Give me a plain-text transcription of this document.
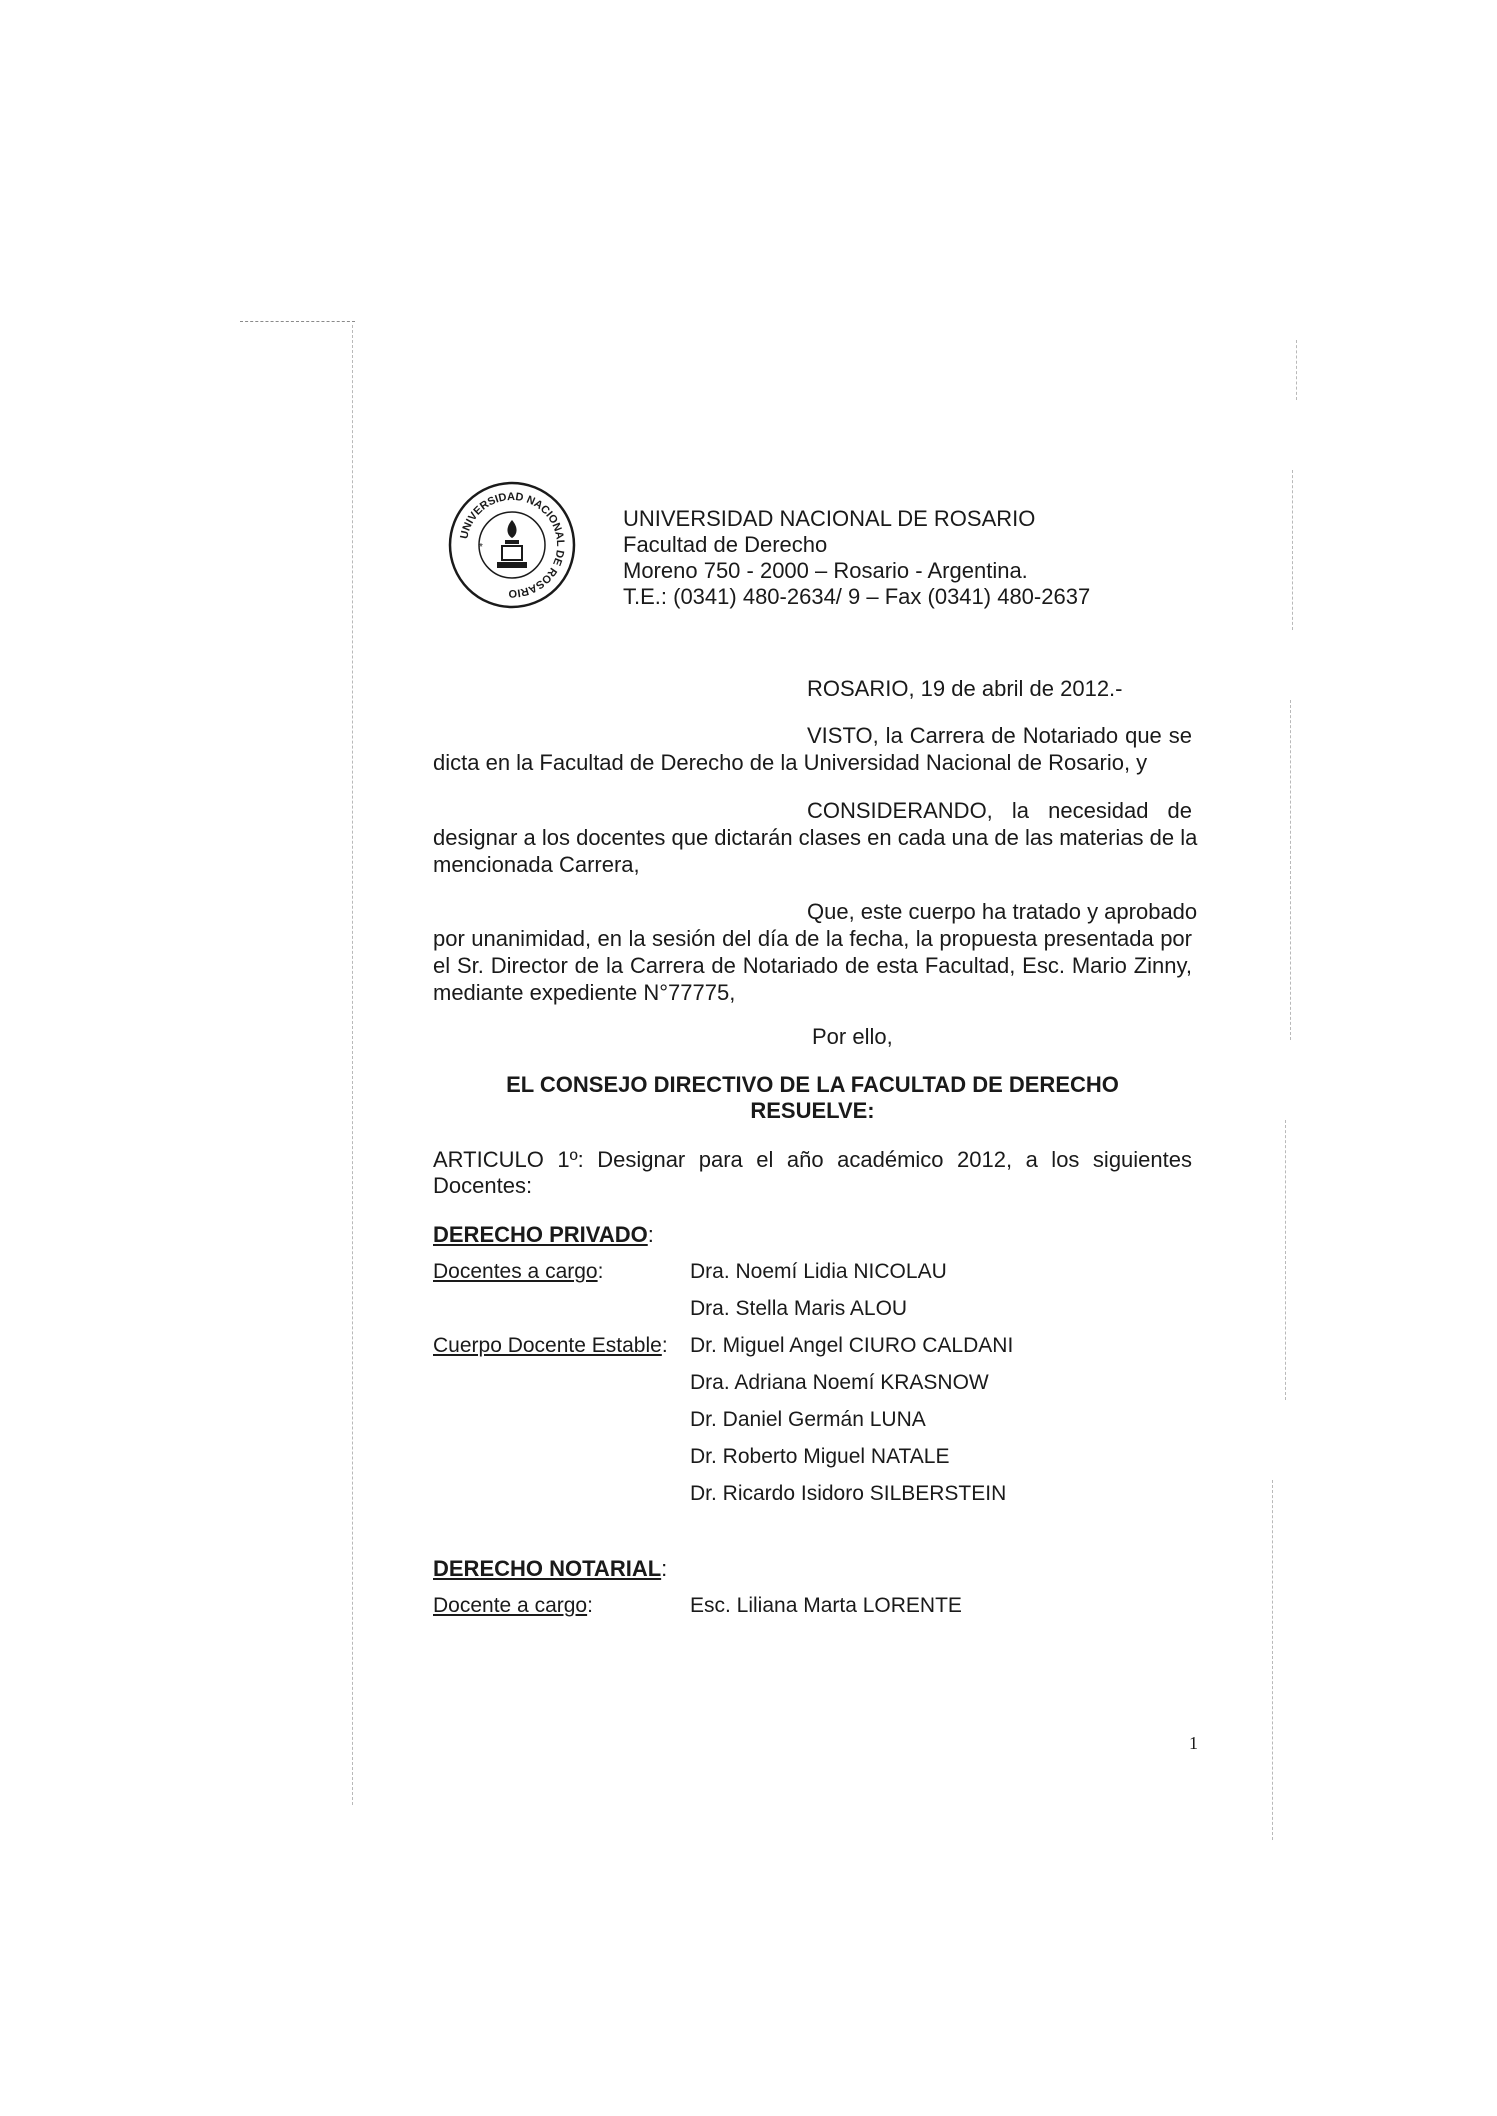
UNIVERSIDAD NACIONAL DE ROSARIO
*
UNIVERSIDAD NACIONAL DE ROSARIO
Facultad de Derecho
Moreno 750 - 2000 – Rosario - Argentina.
T.E.: (0341) 480-2634/ 9 – Fax (0341) 480-2637
ROSARIO, 19 de abril de 2012.-
VISTO, la Carrera de Notariado que se
dicta en la Facultad de Derecho de la Universidad Nacional de Rosario, y
CONSIDERANDO, la necesidad de
designar a los docentes que dictarán clases en cada una de las materias de la
mencionada Carrera,
Que, este cuerpo ha tratado y aprobado
por unanimidad, en la sesión del día de la fecha, la propuesta presentada por
el Sr. Director de la Carrera de Notariado de esta Facultad, Esc. Mario Zinny,
mediante expediente N°77775,
Por ello,
EL CONSEJO DIRECTIVO DE LA FACULTAD DE DERECHO
RESUELVE:
ARTICULO 1º: Designar para el año académico 2012, a los siguientes
Docentes:
DERECHO PRIVADO:
Docentes a cargo:	Dra. Noemí Lidia NICOLAU
Dra. Stella Maris ALOU
Cuerpo Docente Estable: Dr. Miguel Angel CIURO CALDANI
Dra. Adriana Noemí KRASNOW
Dr. Daniel Germán LUNA
Dr. Roberto Miguel NATALE
Dr. Ricardo Isidoro SILBERSTEIN
DERECHO NOTARIAL:
Docente a cargo:	Esc. Liliana Marta LORENTE
1
